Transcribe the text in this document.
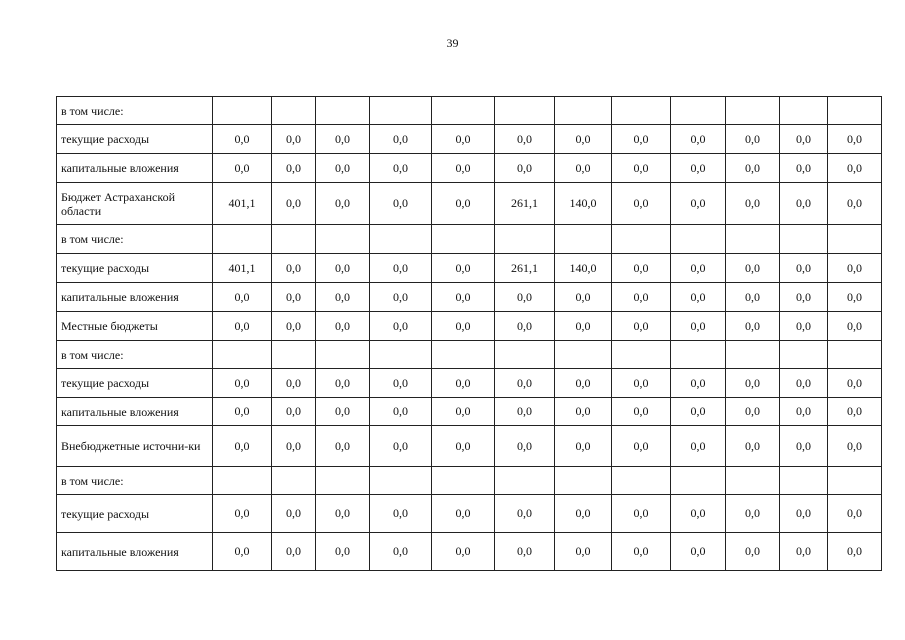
39
в том числе:												
текущие расходы	0,0	0,0	0,0	0,0	0,0	0,0	0,0	0,0	0,0	0,0	0,0	0,0
капитальные вложения	0,0	0,0	0,0	0,0	0,0	0,0	0,0	0,0	0,0	0,0	0,0	0,0
Бюджет Астраханской области	401,1	0,0	0,0	0,0	0,0	261,1	140,0	0,0	0,0	0,0	0,0	0,0
в том числе:												
текущие расходы	401,1	0,0	0,0	0,0	0,0	261,1	140,0	0,0	0,0	0,0	0,0	0,0
капитальные вложения	0,0	0,0	0,0	0,0	0,0	0,0	0,0	0,0	0,0	0,0	0,0	0,0
Местные бюджеты	0,0	0,0	0,0	0,0	0,0	0,0	0,0	0,0	0,0	0,0	0,0	0,0
в том числе:												
текущие расходы	0,0	0,0	0,0	0,0	0,0	0,0	0,0	0,0	0,0	0,0	0,0	0,0
капитальные вложения	0,0	0,0	0,0	0,0	0,0	0,0	0,0	0,0	0,0	0,0	0,0	0,0
Внебюджетные источни-ки	0,0	0,0	0,0	0,0	0,0	0,0	0,0	0,0	0,0	0,0	0,0	0,0
в том числе:												
текущие расходы	0,0	0,0	0,0	0,0	0,0	0,0	0,0	0,0	0,0	0,0	0,0	0,0
капитальные вложения	0,0	0,0	0,0	0,0	0,0	0,0	0,0	0,0	0,0	0,0	0,0	0,0
